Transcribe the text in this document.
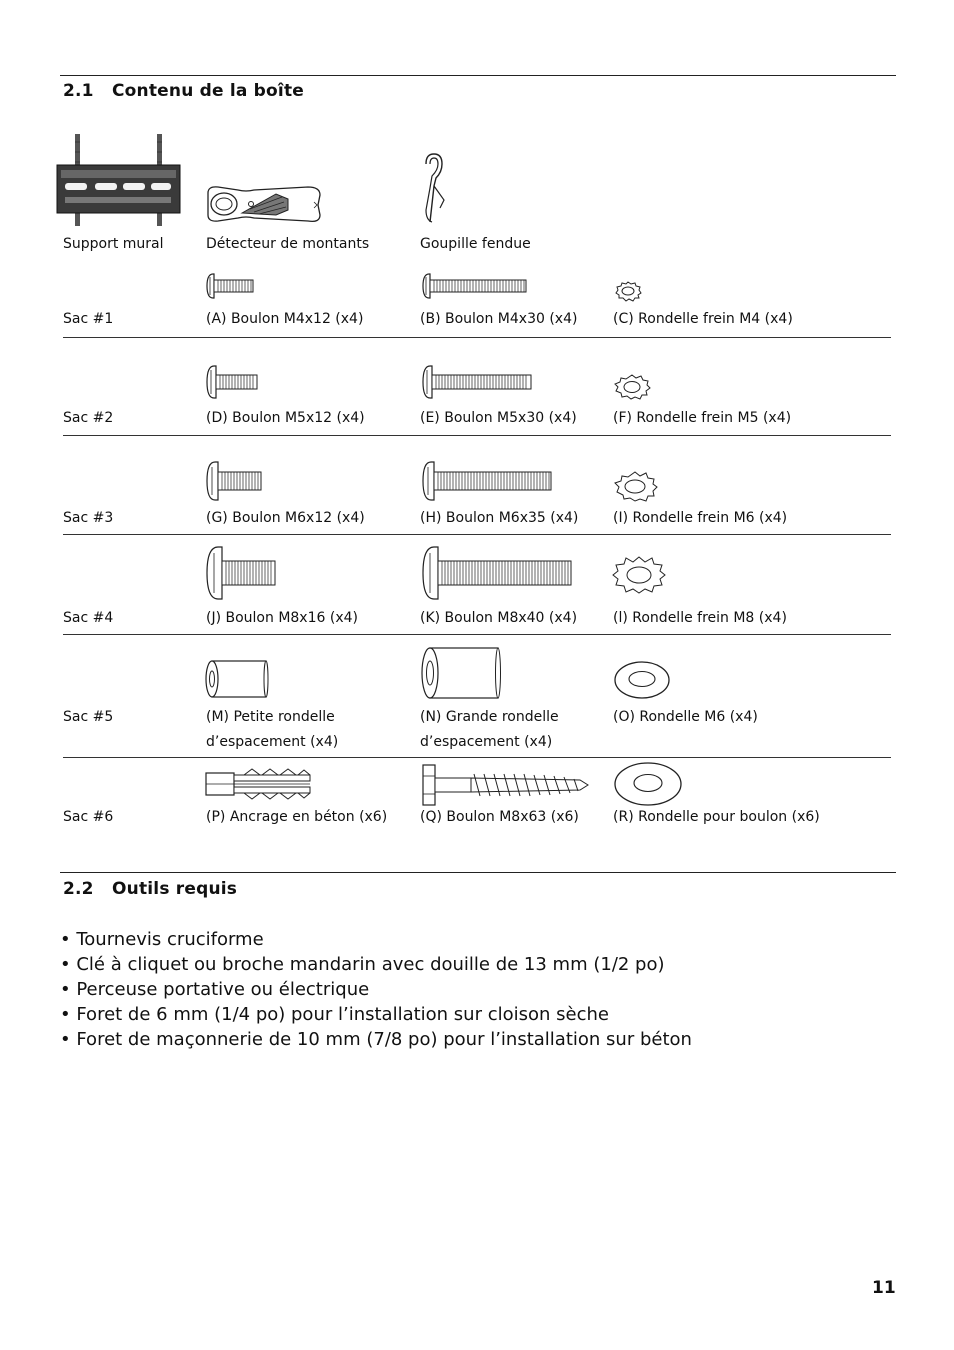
2.1 Contenu de la boîte
Support mural	Détecteur de montants	Goupille fendue
Sac #1	(A) Boulon M4x12 (x4)	(B) Boulon M4x30 (x4)	(C) Rondelle frein M4 (x4)
Sac #2	(D) Boulon M5x12 (x4)	(E) Boulon M5x30 (x4)	(F) Rondelle frein M5 (x4)
Sac #3	(G) Boulon M6x12 (x4)	(H) Boulon M6x35 (x4) (I) Rondelle frein M6 (x4)
Sac #4	(J) Boulon M8x16 (x4)	(K) Boulon M8x40 (x4)	(l) Rondelle frein M8 (x4)
Sac #5	(M) Petite rondelle
d’espacement (x4)
(N) Grande rondelle
d’espacement (x4)
(O) Rondelle M6 (x4)
Sac #6	(P) Ancrage en béton (x6) (Q) Boulon M8x63 (x6) (R) Rondelle pour boulon (x6)
2.2 Outils requis
• Tournevis cruciforme
• Clé à cliquet ou broche mandarin avec douille de 13 mm (1/2 po)
• Perceuse portative ou électrique
• Foret de 6 mm (1/4 po) pour l’installation sur cloison sèche
• Foret de maçonnerie de 10 mm (7/8 po) pour l’installation sur béton
11
